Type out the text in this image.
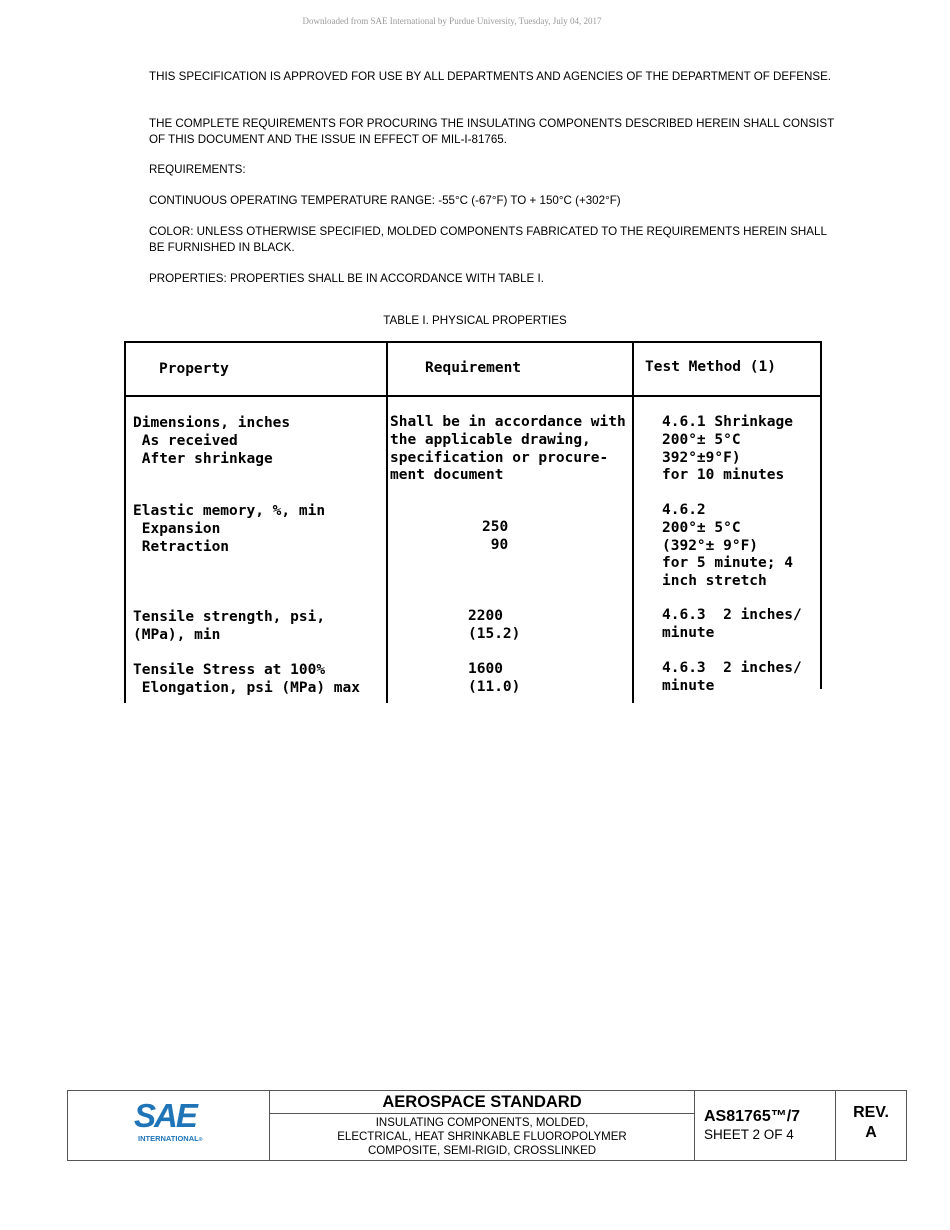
Downloaded from SAE International by Purdue University, Tuesday, July 04, 2017

THIS SPECIFICATION IS APPROVED FOR USE BY ALL DEPARTMENTS AND AGENCIES OF THE DEPARTMENT OF DEFENSE.

THE COMPLETE REQUIREMENTS FOR PROCURING THE INSULATING COMPONENTS DESCRIBED HEREIN SHALL CONSIST OF THIS DOCUMENT AND THE ISSUE IN EFFECT OF MIL-I-81765.

REQUIREMENTS:

CONTINUOUS OPERATING TEMPERATURE RANGE: -55°C (-67°F) TO + 150°C (+302°F)

COLOR: UNLESS OTHERWISE SPECIFIED, MOLDED COMPONENTS FABRICATED TO THE REQUIREMENTS HEREIN SHALL BE FURNISHED IN BLACK.

PROPERTIES: PROPERTIES SHALL BE IN ACCORDANCE WITH TABLE I.

TABLE I. PHYSICAL PROPERTIES
Property	Requirement	Test Method (1)
Dimensions, inches
As received
After shrinkage
Shall be in accordance with
the applicable drawing,
specification or procure-
ment document
4.6.1 Shrinkage
200°± 5°C
392°±9°F)
for 10 minutes
Elastic memory, %, min
Expansion
Retraction
250
90
4.6.2
200°± 5°C
(392°± 9°F)
for 5 minute; 4
inch stretch
Tensile strength, psi,
(MPa), min
2200
(15.2)
4.6.3  2 inches/
minute
Tensile Stress at 100%
Elongation, psi (MPa) max
1600
(11.0)
4.6.3  2 inches/
minute
SAE
INTERNATIONAL®
AEROSPACE STANDARD
INSULATING COMPONENTS, MOLDED,
ELECTRICAL, HEAT SHRINKABLE FLUOROPOLYMER
COMPOSITE, SEMI-RIGID, CROSSLINKED
AS81765™/7
SHEET 2 OF 4
REV.
A
